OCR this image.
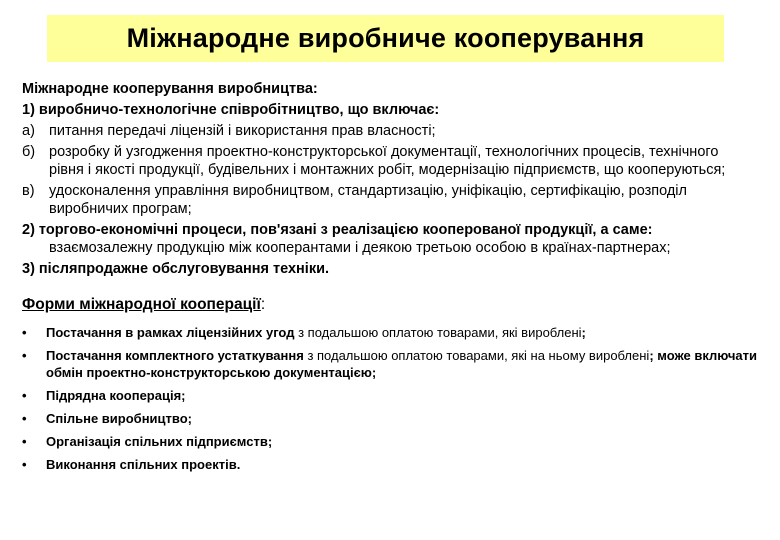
Міжнародне виробниче кооперування

Міжнародне кооперування виробництва:

1) виробничо-технологічне співробітництво, що включає:

а) питання передачі ліцензій і використання прав власності;
б) розробку й узгодження проектно-конструкторської документації, технологічних процесів, технічного рівня і якості продукції, будівельних і монтажних робіт, модернізацію підприємств, що кооперуються;
в) удосконалення управління виробництвом, стандартизацію, уніфікацію, сертифікацію, розподіл виробничих програм;

2) торгово-економічні процеси, пов'язані з реалізацією кооперованої продукції, а саме: взаємозалежну продукцію між кооперантами і деякою третьою особою в країнах-партнерах;

3) післяпродажне обслуговування техніки.

Форми міжнародної кооперації:

•	Постачання в рамках ліцензійних угод з подальшою оплатою товарами, які вироблені;
•	Постачання комплектного устаткування з подальшою оплатою товарами, які на ньому вироблені; може включати обмін проектно-конструкторською документацією;
•	Підрядна кооперація;
•	Спільне виробництво;
•	Організація спільних підприємств;
•	Виконання спільних проектів.
